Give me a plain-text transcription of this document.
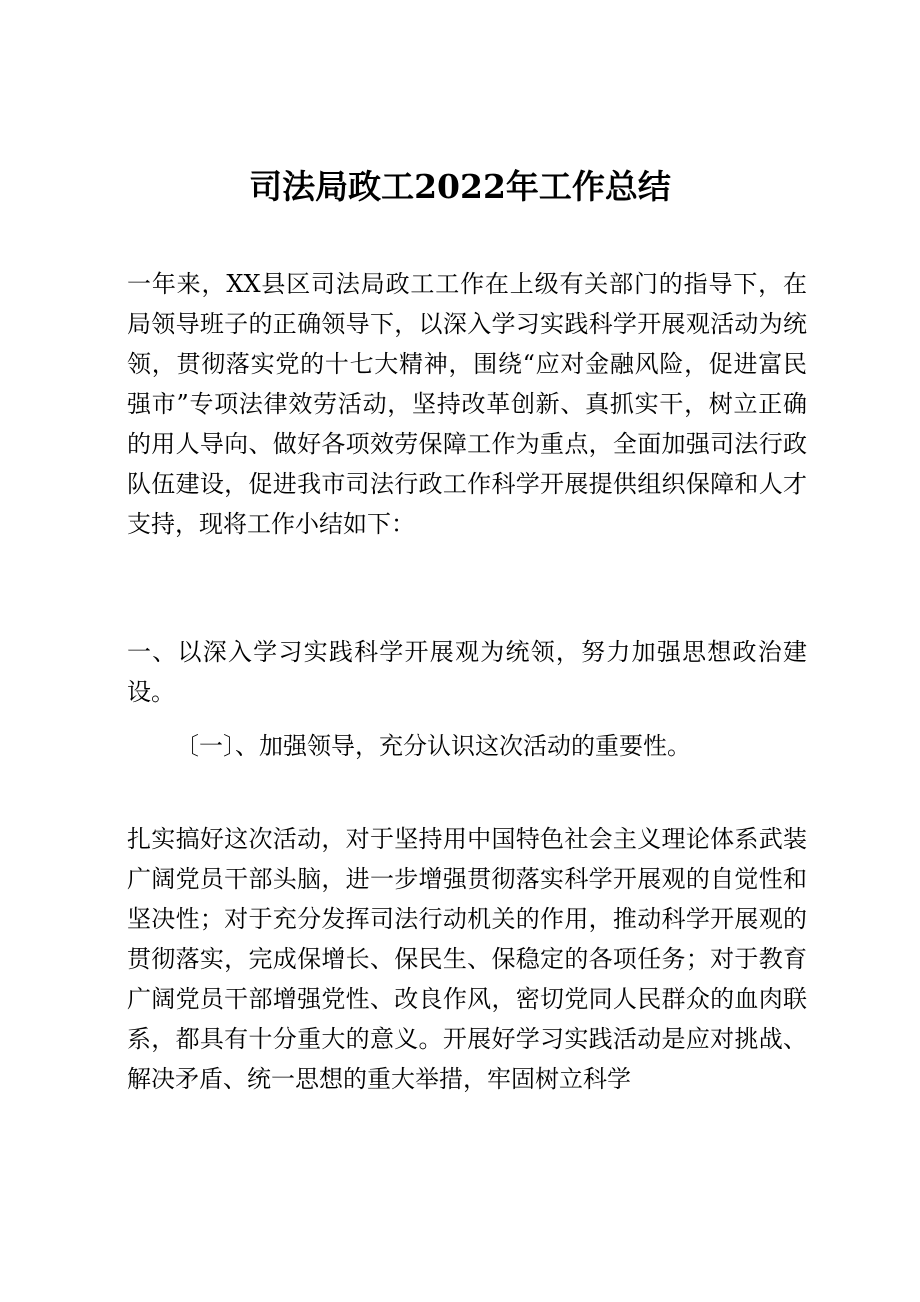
司法局政工2022年工作总结

一年来，XX县区司法局政工工作在上级有关部门的指导下，在局领导班子的正确领导下，以深入学习实践科学开展观活动为统领，贯彻落实党的十七大精神，围绕“应对金融风险，促进富民强市”专项法律效劳活动，坚持改革创新、真抓实干，树立正确的用人导向、做好各项效劳保障工作为重点，全面加强司法行政队伍建设，促进我市司法行政工作科学开展提供组织保障和人才支持，现将工作小结如下：

一、以深入学习实践科学开展观为统领，努力加强思想政治建设。

〔一〕、加强领导，充分认识这次活动的重要性。

扎实搞好这次活动，对于坚持用中国特色社会主义理论体系武装广阔党员干部头脑，进一步增强贯彻落实科学开展观的自觉性和坚决性；对于充分发挥司法行动机关的作用，推动科学开展观的贯彻落实，完成保增长、保民生、保稳定的各项任务；对于教育广阔党员干部增强党性、改良作风，密切党同人民群众的血肉联系，都具有十分重大的意义。开展好学习实践活动是应对挑战、解决矛盾、统一思想的重大举措，牢固树立科学
